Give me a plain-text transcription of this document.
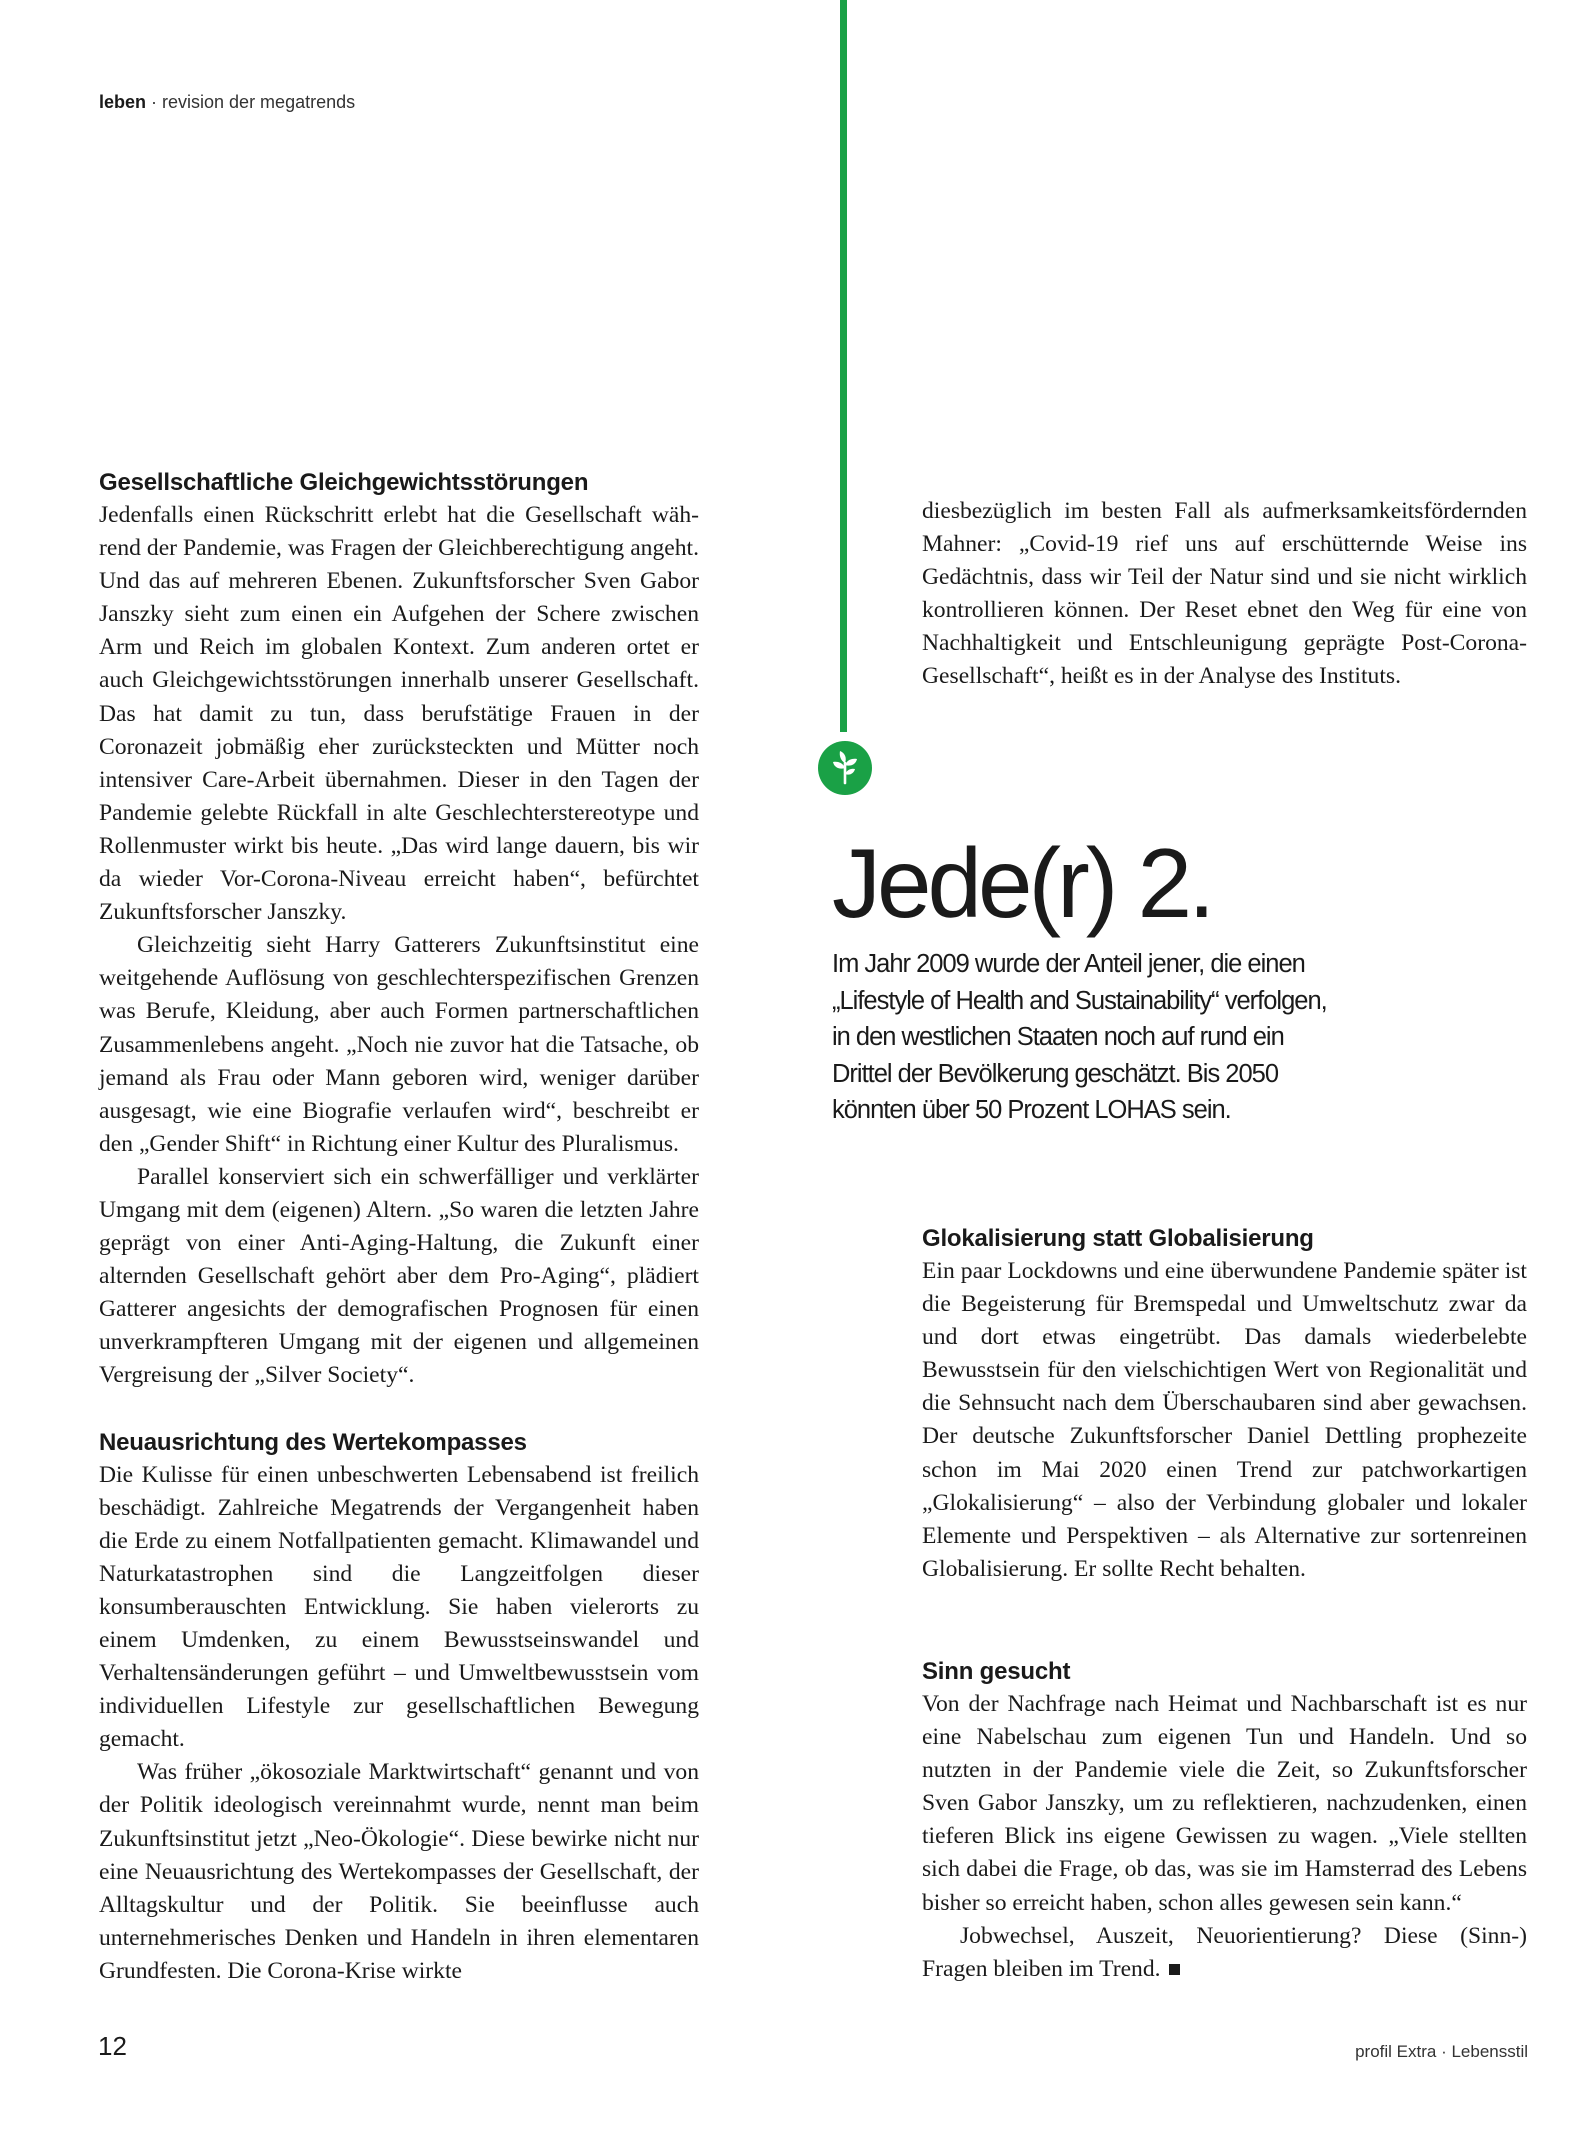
leben · revision der megatrends
Gesellschaftliche Gleichgewichtsstörungen

Jedenfalls einen Rückschritt erlebt hat die Gesellschaft während der Pandemie, was Fragen der Gleichberechtigung angeht. Und das auf mehreren Ebenen. Zukunftsforscher Sven Gabor Janszky sieht zum einen ein Aufgehen der Schere zwischen Arm und Reich im globalen Kontext. Zum anderen ortet er auch Gleichgewichtsstörungen innerhalb unserer Gesellschaft. Das hat damit zu tun, dass berufstätige Frauen in der Coronazeit jobmäßig eher zurücksteckten und Mütter noch intensiver Care-Arbeit übernahmen. Dieser in den Tagen der Pandemie gelebte Rückfall in alte Geschlechterstereotype und Rollenmuster wirkt bis heute. „Das wird lange dauern, bis wir da wieder Vor-Corona-Niveau erreicht haben“, befürchtet Zukunftsforscher Janszky.

Gleichzeitig sieht Harry Gatterers Zukunftsinstitut eine weitgehende Auflösung von geschlechterspezifischen Grenzen was Berufe, Kleidung, aber auch Formen partnerschaftlichen Zusammenlebens angeht. „Noch nie zuvor hat die Tatsache, ob jemand als Frau oder Mann geboren wird, weniger darüber ausgesagt, wie eine Biografie verlaufen wird“, beschreibt er den „Gender Shift“ in Richtung einer Kultur des Pluralismus.

Parallel konserviert sich ein schwerfälliger und verklärter Umgang mit dem (eigenen) Altern. „So waren die letzten Jahre geprägt von einer Anti-Aging-Haltung, die Zukunft einer alternden Gesellschaft gehört aber dem Pro-Aging“, plädiert Gatterer angesichts der demografischen Prognosen für einen unverkrampfteren Umgang mit der eigenen und allgemeinen Vergreisung der „Silver Society“.

Neuausrichtung des Wertekompasses

Die Kulisse für einen unbeschwerten Lebensabend ist freilich beschädigt. Zahlreiche Megatrends der Vergangenheit haben die Erde zu einem Notfallpatienten gemacht. Klimawandel und Naturkatastrophen sind die Langzeitfolgen dieser konsumberauschten Entwicklung. Sie haben vielerorts zu einem Umdenken, zu einem Bewusstseinswandel und Verhaltensänderungen geführt – und Umweltbewusstsein vom individuellen Lifestyle zur gesellschaftlichen Bewegung gemacht.

Was früher „ökosoziale Marktwirtschaft“ genannt und von der Politik ideologisch vereinnahmt wurde, nennt man beim Zukunftsinstitut jetzt „Neo-Ökologie“. Diese bewirke nicht nur eine Neuausrichtung des Wertekompasses der Gesellschaft, der Alltagskultur und der Politik. Sie beeinflusse auch unternehmerisches Denken und Handeln in ihren elementaren Grundfesten. Die Corona-Krise wirkte

diesbezüglich im besten Fall als aufmerksamkeitsfördernden Mahner: „Covid-19 rief uns auf erschütternde Weise ins Gedächtnis, dass wir Teil der Natur sind und sie nicht wirklich kontrollieren können. Der Reset ebnet den Weg für eine von Nachhaltigkeit und Entschleunigung geprägte Post-Corona-Gesellschaft“, heißt es in der Analyse des Instituts.

Jede(r) 2.
Im Jahr 2009 wurde der Anteil jener, die einen
„Lifestyle of Health and Sustainability“ verfolgen,
in den westlichen Staaten noch auf rund ein
Drittel der Bevölkerung geschätzt. Bis 2050
könnten über 50 Prozent LOHAS sein.
Glokalisierung statt Globalisierung

Ein paar Lockdowns und eine überwundene Pandemie später ist die Begeisterung für Bremspedal und Umweltschutz zwar da und dort etwas eingetrübt. Das damals wiederbelebte Bewusstsein für den vielschichtigen Wert von Regionalität und die Sehnsucht nach dem Überschaubaren sind aber gewachsen. Der deutsche Zukunftsforscher Daniel Dettling prophezeite schon im Mai 2020 einen Trend zur patchworkartigen „Glokalisierung“ – also der Verbindung globaler und lokaler Elemente und Perspektiven – als Alternative zur sortenreinen Globalisierung. Er sollte Recht behalten.

Sinn gesucht

Von der Nachfrage nach Heimat und Nachbarschaft ist es nur eine Nabelschau zum eigenen Tun und Handeln. Und so nutzten in der Pandemie viele die Zeit, so Zukunftsforscher Sven Gabor Janszky, um zu reflektieren, nachzudenken, einen tieferen Blick ins eigene Gewissen zu wagen. „Viele stellten sich dabei die Frage, ob das, was sie im Hamsterrad des Lebens bisher so erreicht haben, schon alles gewesen sein kann.“

Jobwechsel, Auszeit, Neuorientierung? Diese (Sinn-) Fragen bleiben im Trend.

12	profil Extra · Lebensstil
